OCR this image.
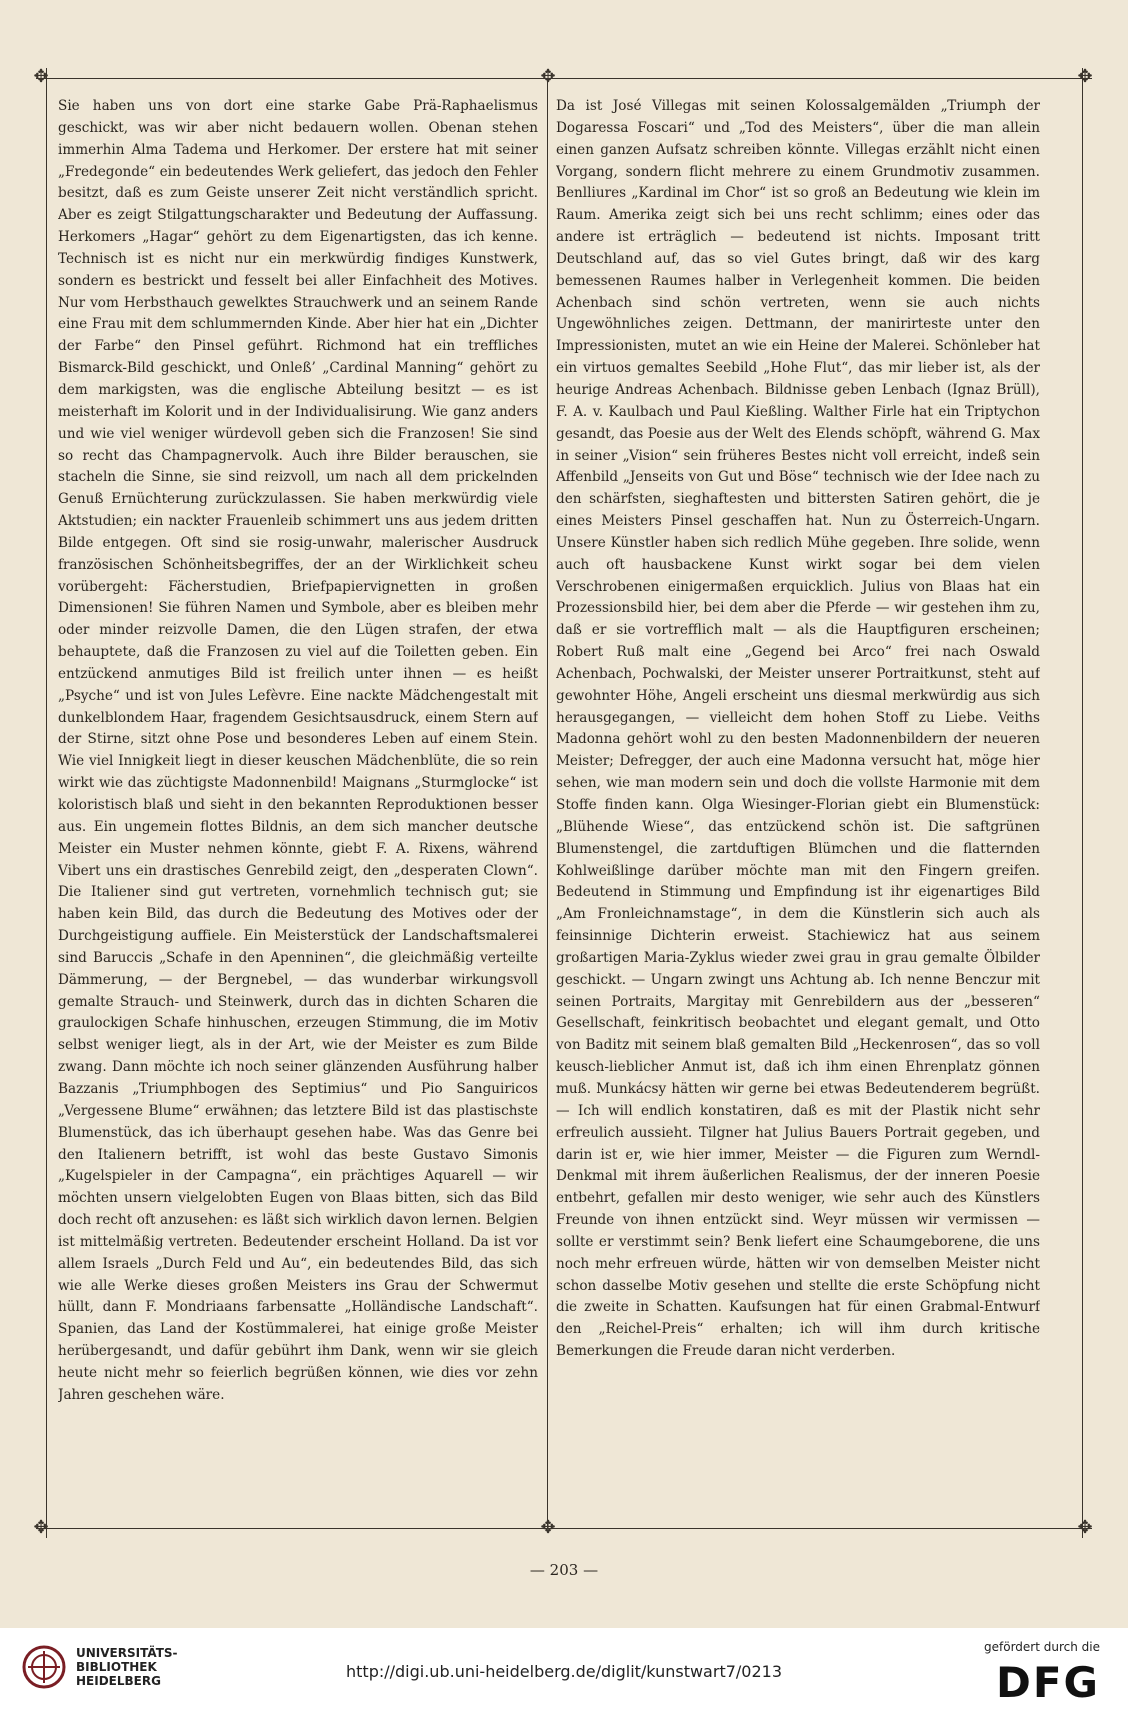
✥	✥
✥	✥
✥
✥
Sie haben uns von dort eine starke Gabe Prä-Raphaelismus geschickt, was wir aber nicht bedauern wollen. Obenan stehen immerhin Alma Tadema und Herkomer. Der erstere hat mit seiner „Fredegonde“ ein bedeutendes Werk geliefert, das jedoch den Fehler besitzt, daß es zum Geiste unserer Zeit nicht verständlich spricht. Aber es zeigt Stilgattungscharakter und Bedeutung der Auffassung. Herkomers „Hagar“ gehört zu dem Eigenartigsten, das ich kenne. Technisch ist es nicht nur ein merkwürdig findiges Kunstwerk, sondern es bestrickt und fesselt bei aller Einfachheit des Motives. Nur vom Herbsthauch gewelktes Strauchwerk und an seinem Rande eine Frau mit dem schlummernden Kinde. Aber hier hat ein „Dichter der Farbe“ den Pinsel geführt. Richmond hat ein treffliches Bismarck-Bild geschickt, und Onleß’ „Cardinal Manning“ gehört zu dem markigsten, was die englische Abteilung besitzt — es ist meisterhaft im Kolorit und in der Individualisirung. Wie ganz anders und wie viel weniger würdevoll geben sich die Franzosen! Sie sind so recht das Champagnervolk. Auch ihre Bilder berauschen, sie stacheln die Sinne, sie sind reizvoll, um nach all dem prickelnden Genuß Ernüchterung zurückzulassen. Sie haben merkwürdig viele Aktstudien; ein nackter Frauenleib schimmert uns aus jedem dritten Bilde entgegen. Oft sind sie rosig-unwahr, malerischer Ausdruck französischen Schönheitsbegriffes, der an der Wirklichkeit scheu vorübergeht: Fächerstudien, Briefpapiervignetten in großen Dimensionen! Sie führen Namen und Symbole, aber es bleiben mehr oder minder reizvolle Damen, die den Lügen strafen, der etwa behauptete, daß die Franzosen zu viel auf die Toiletten geben. Ein entzückend anmutiges Bild ist freilich unter ihnen — es heißt „Psyche“ und ist von Jules Lefèvre. Eine nackte Mädchengestalt mit dunkelblondem Haar, fragendem Gesichtsausdruck, einem Stern auf der Stirne, sitzt ohne Pose und besonderes Leben auf einem Stein. Wie viel Innigkeit liegt in dieser keuschen Mädchenblüte, die so rein wirkt wie das züchtigste Madonnenbild! Maignans „Sturmglocke“ ist koloristisch blaß und sieht in den bekannten Reproduktionen besser aus. Ein ungemein flottes Bildnis, an dem sich mancher deutsche Meister ein Muster nehmen könnte, giebt F. A. Rixens, während Vibert uns ein drastisches Genrebild zeigt, den „desperaten Clown“. Die Italiener sind gut vertreten, vornehmlich technisch gut; sie haben kein Bild, das durch die Bedeutung des Motives oder der Durchgeistigung auffiele. Ein Meisterstück der Landschaftsmalerei sind Baruccis „Schafe in den Apenninen“, die gleichmäßig verteilte Dämmerung, — der Bergnebel, — das wunderbar wirkungsvoll gemalte Strauch- und Steinwerk, durch das in dichten Scharen die graulockigen Schafe hinhuschen, erzeugen Stimmung, die im Motiv selbst weniger liegt, als in der Art, wie der Meister es zum Bilde zwang. Dann möchte ich noch seiner glänzenden Ausführung halber Bazzanis „Triumphbogen des Septimius“ und Pio Sanguiricos „Vergessene Blume“ erwähnen; das letztere Bild ist das plastischste Blumenstück, das ich überhaupt gesehen habe. Was das Genre bei den Italienern betrifft, ist wohl das beste Gustavo Simonis „Kugelspieler in der Campagna“, ein prächtiges Aquarell — wir möchten unsern vielgelobten Eugen von Blaas bitten, sich das Bild doch recht oft anzusehen: es läßt sich wirklich davon lernen. Belgien ist mittelmäßig vertreten. Bedeutender erscheint Holland. Da ist vor allem Israels „Durch Feld und Au“, ein bedeutendes Bild, das sich wie alle Werke dieses großen Meisters ins Grau der Schwermut hüllt, dann F. Mondriaans farbensatte „Holländische Landschaft“. Spanien, das Land der Kostümmalerei, hat einige große Meister herübergesandt, und dafür gebührt ihm Dank, wenn wir sie gleich heute nicht mehr so feierlich begrüßen können, wie dies vor zehn Jahren geschehen wäre.
Da ist José Villegas mit seinen Kolossalgemälden „Triumph der Dogaressa Foscari“ und „Tod des Meisters“, über die man allein einen ganzen Aufsatz schreiben könnte. Villegas erzählt nicht einen Vorgang, sondern flicht mehrere zu einem Grundmotiv zusammen. Benlliures „Kardinal im Chor“ ist so groß an Bedeutung wie klein im Raum. Amerika zeigt sich bei uns recht schlimm; eines oder das andere ist erträglich — bedeutend ist nichts. Imposant tritt Deutschland auf, das so viel Gutes bringt, daß wir des karg bemessenen Raumes halber in Verlegenheit kommen. Die beiden Achenbach sind schön vertreten, wenn sie auch nichts Ungewöhnliches zeigen. Dettmann, der manirirteste unter den Impressionisten, mutet an wie ein Heine der Malerei. Schönleber hat ein virtuos gemaltes Seebild „Hohe Flut“, das mir lieber ist, als der heurige Andreas Achenbach. Bildnisse geben Lenbach (Ignaz Brüll), F. A. v. Kaulbach und Paul Kießling. Walther Firle hat ein Triptychon gesandt, das Poesie aus der Welt des Elends schöpft, während G. Max in seiner „Vision“ sein früheres Bestes nicht voll erreicht, indeß sein Affenbild „Jenseits von Gut und Böse“ technisch wie der Idee nach zu den schärfsten, sieghaftesten und bittersten Satiren gehört, die je eines Meisters Pinsel geschaffen hat. Nun zu Österreich-Ungarn. Unsere Künstler haben sich redlich Mühe gegeben. Ihre solide, wenn auch oft hausbackene Kunst wirkt sogar bei dem vielen Verschrobenen einigermaßen erquicklich. Julius von Blaas hat ein Prozessionsbild hier, bei dem aber die Pferde — wir gestehen ihm zu, daß er sie vortrefflich malt — als die Hauptfiguren erscheinen; Robert Ruß malt eine „Gegend bei Arco“ frei nach Oswald Achenbach, Pochwalski, der Meister unserer Portraitkunst, steht auf gewohnter Höhe, Angeli erscheint uns diesmal merkwürdig aus sich herausgegangen, — vielleicht dem hohen Stoff zu Liebe. Veiths Madonna gehört wohl zu den besten Madonnenbildern der neueren Meister; Defregger, der auch eine Madonna versucht hat, möge hier sehen, wie man modern sein und doch die vollste Harmonie mit dem Stoffe finden kann. Olga Wiesinger-Florian giebt ein Blumenstück: „Blühende Wiese“, das entzückend schön ist. Die saftgrünen Blumenstengel, die zartduftigen Blümchen und die flatternden Kohlweißlinge darüber möchte man mit den Fingern greifen. Bedeutend in Stimmung und Empfindung ist ihr eigenartiges Bild „Am Fronleichnamstage“, in dem die Künstlerin sich auch als feinsinnige Dichterin erweist. Stachiewicz hat aus seinem großartigen Maria-Zyklus wieder zwei grau in grau gemalte Ölbilder geschickt. — Ungarn zwingt uns Achtung ab. Ich nenne Benczur mit seinen Portraits, Margitay mit Genrebildern aus der „besseren“ Gesellschaft, feinkritisch beobachtet und elegant gemalt, und Otto von Baditz mit seinem blaß gemalten Bild „Heckenrosen“, das so voll keusch-lieblicher Anmut ist, daß ich ihm einen Ehrenplatz gönnen muß. Munkácsy hätten wir gerne bei etwas Bedeutenderem begrüßt. — Ich will endlich konstatiren, daß es mit der Plastik nicht sehr erfreulich aussieht. Tilgner hat Julius Bauers Portrait gegeben, und darin ist er, wie hier immer, Meister — die Figuren zum Werndl-Denkmal mit ihrem äußerlichen Realismus, der der inneren Poesie entbehrt, gefallen mir desto weniger, wie sehr auch des Künstlers Freunde von ihnen entzückt sind. Weyr müssen wir vermissen — sollte er verstimmt sein? Benk liefert eine Schaumgeborene, die uns noch mehr erfreuen würde, hätten wir von demselben Meister nicht schon dasselbe Motiv gesehen und stellte die erste Schöpfung nicht die zweite in Schatten. Kaufsungen hat für einen Grabmal-Entwurf den „Reichel-Preis“ erhalten; ich will ihm durch kritische Bemerkungen die Freude daran nicht verderben.
— 203 —
UNIVERSITÄTS-
BIBLIOTHEK
HEIDELBERG	http://digi.ub.uni-heidelberg.de/diglit/kunstwart7/0213
gefördert durch die
DFG
